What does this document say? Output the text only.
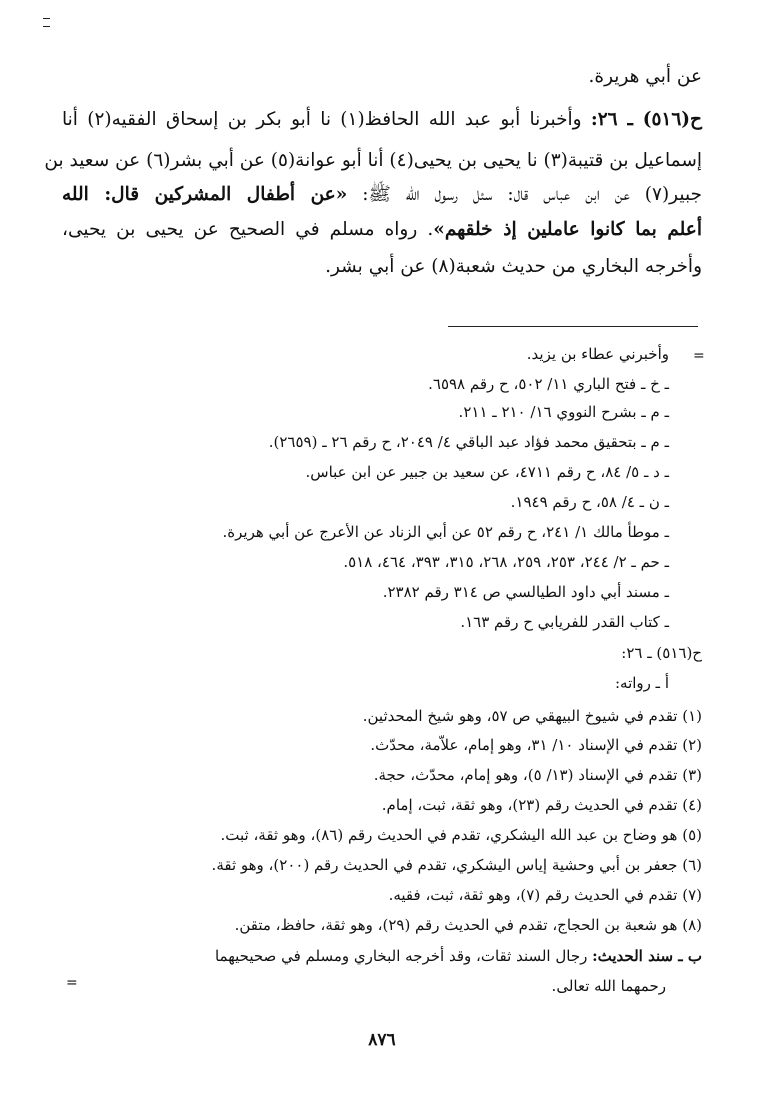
عن أبي هريرة.
ح(٥١٦) ـ ٢٦: وأخبرنا أبو عبد الله الحافظ(١) نا أبو بكر بن إسحاق الفقيه(٢) أنا
إسماعيل بن قتيبة(٣) نا يحيى بن يحيى(٤) أنا أبو عوانة(٥) عن أبي بشر(٦) عن سعيد بن
جبير(٧) عن ابن عباس قال: سئل رسول الله ﷺ: «عن أطفال المشركين قال: الله
أعلم بما كانوا عاملين إذ خلقهم». رواه مسلم في الصحيح عن يحيى بن يحيى،
وأخرجه البخاري من حديث شعبة(٨) عن أبي بشر.
=
وأخبرني عطاء بن يزيد.
ـ خ ـ فتح الباري ١١/ ٥٠٢، ح رقم ٦٥٩٨.
ـ م ـ بشرح النووي ١٦/ ٢١٠ ـ ٢١١.
ـ م ـ بتحقيق محمد فؤاد عبد الباقي ٤/ ٢٠٤٩، ح رقم ٢٦ ـ (٢٦٥٩).
ـ د ـ ٥/ ٨٤، ح رقم ٤٧١١، عن سعيد بن جبير عن ابن عباس.
ـ ن ـ ٤/ ٥٨، ح رقم ١٩٤٩.
ـ موطأ مالك ١/ ٢٤١، ح رقم ٥٢ عن أبي الزناد عن الأعرج عن أبي هريرة.
ـ حم ـ ٢/ ٢٤٤، ٢٥٣، ٢٥٩، ٢٦٨، ٣١٥، ٣٩٣، ٤٦٤، ٥١٨.
ـ مسند أبي داود الطيالسي ص ٣١٤ رقم ٢٣٨٢.
ـ كتاب القدر للفريابي ح رقم ١٦٣.
ح(٥١٦) ـ ٢٦:
أ ـ رواته:
(١) تقدم في شيوخ البيهقي ص ٥٧، وهو شيخ المحدثين.
(٢) تقدم في الإسناد ١٠/ ٣١، وهو إمام، علاّمة، محدّث.
(٣) تقدم في الإسناد (١٣/ ٥)، وهو إمام، محدّث، حجة.
(٤) تقدم في الحديث رقم (٢٣)، وهو ثقة، ثبت، إمام.
(٥) هو وضاح بن عبد الله اليشكري، تقدم في الحديث رقم (٨٦)، وهو ثقة، ثبت.
(٦) جعفر بن أبي وحشية إياس اليشكري، تقدم في الحديث رقم (٢٠٠)، وهو ثقة.
(٧) تقدم في الحديث رقم (٧)، وهو ثقة، ثبت، فقيه.
(٨) هو شعبة بن الحجاج، تقدم في الحديث رقم (٢٩)، وهو ثقة، حافظ، متقن.
ب ـ سند الحديث: رجال السند ثقات، وقد أخرجه البخاري ومسلم في صحيحيهما
رحمهما الله تعالى.
=
٨٧٦
